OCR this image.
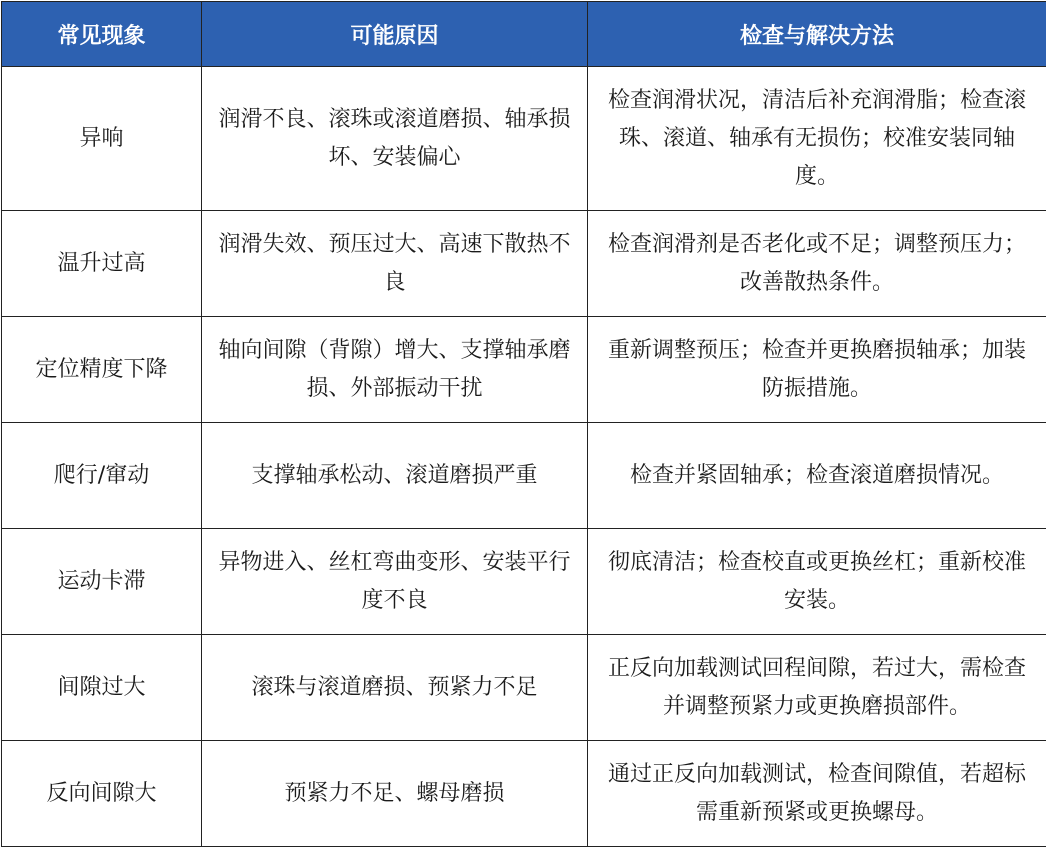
常见现象	可能原因	检查与解决方法
异响	润滑不良、滚珠或滚道磨损、轴承损坏、安装偏心	检查润滑状况，清洁后补充润滑脂；检查滚珠、滚道、轴承有无损伤；校准安装同轴度。
温升过高	润滑失效、预压过大、高速下散热不良	检查润滑剂是否老化或不足；调整预压力；改善散热条件。
定位精度下降	轴向间隙（背隙）增大、支撑轴承磨损、外部振动干扰	重新调整预压；检查并更换磨损轴承；加装防振措施。
爬行/窜动	支撑轴承松动、滚道磨损严重	检查并紧固轴承；检查滚道磨损情况。
运动卡滞	异物进入、丝杠弯曲变形、安装平行度不良	彻底清洁；检查校直或更换丝杠；重新校准安装。
间隙过大	滚珠与滚道磨损、预紧力不足	正反向加载测试回程间隙，若过大，需检查并调整预紧力或更换磨损部件。
反向间隙大	预紧力不足、螺母磨损	通过正反向加载测试，检查间隙值，若超标需重新预紧或更换螺母。
